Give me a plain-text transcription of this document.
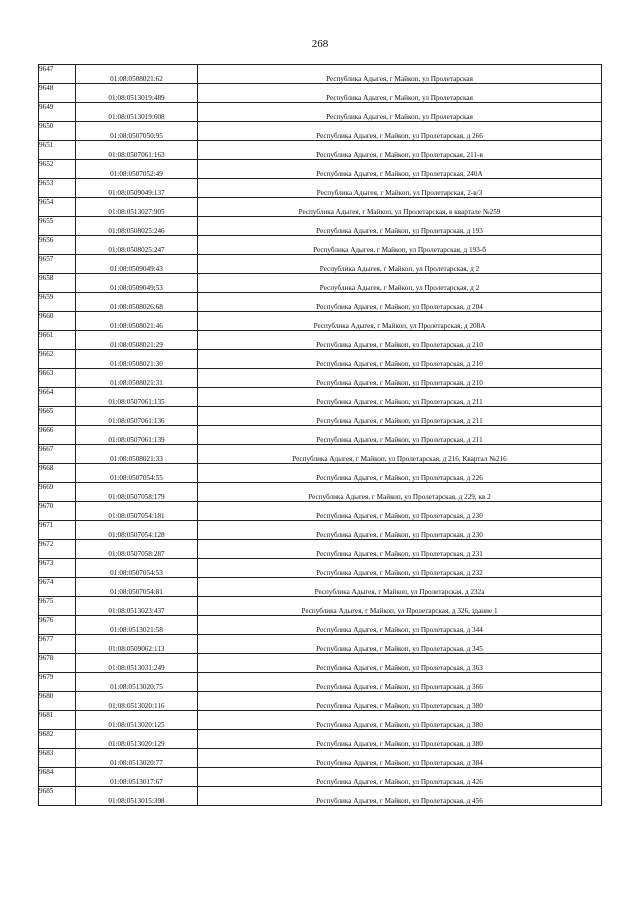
268
9647	01:08:0508021:62	Республика Адыгея, г Майкоп, ул Пролетарская
9648	01:08:0513019:489	Республика Адыгея, г Майкоп, ул Пролетарская
9649	01:08:0513019:608	Республика Адыгея, г Майкоп, ул Пролетарская
9650	01:08:0507050:95	Республика Адыгея, г Майкоп, ул Пролетарская, д 266
9651	01:08:0507061:163	Республика Адыгея, г Майкоп, ул Пролетарская, 211-в
9652	01:08:0507052:49	Республика Адыгея, г Майкоп, ул Пролетарская, 240А
9653	01:08:0509049:137	Республика Адыгея, г Майкоп, ул Пролетарская, 2-в/3
9654	01:08:0513027:905	Республика Адыгея, г Майкоп, ул Пролетарская, в квартале №259
9655	01:08:0508025:246	Республика Адыгея, г Майкоп, ул Пролетарская, д 193
9656	01:08:0508025:247	Республика Адыгея, г Майкоп, ул Пролетарская, д 193-б
9657	01:08:0509049:43	Республика Адыгея, г Майкоп, ул Пролетарская, д 2
9658	01:08:0509049:53	Республика Адыгея, г Майкоп, ул Пролетарская, д 2
9659	01:08:0508026:68	Республика Адыгея, г Майкоп, ул Пролетарская, д 204
9660	01:08:0508021:46	Республика Адыгея, г Майкоп, ул Пролетарская, д 208А
9661	01:08:0508021:29	Республика Адыгея, г Майкоп, ул Пролетарская, д 210
9662	01:08:0508021:30	Республика Адыгея, г Майкоп, ул Пролетарская, д 210
9663	01:08:0508021:31	Республика Адыгея, г Майкоп, ул Пролетарская, д 210
9664	01:08:0507061:135	Республика Адыгея, г Майкоп, ул Пролетарская, д 211
9665	01:08:0507061:136	Республика Адыгея, г Майкоп, ул Пролетарская, д 211
9666	01:08:0507061:139	Республика Адыгея, г Майкоп, ул Пролетарская, д 211
9667	01:08:0508021:33	Республика Адыгея, г Майкоп, ул Пролетарская, д 216, Квартал №216
9668	01:08:0507054:55	Республика Адыгея, г Майкоп, ул Пролетарская, д 226
9669	01:08:0507058:179	Республика Адыгея, г Майкоп, ул Пролетарская, д 229, кв 2
9670	01:08:0507054:181	Республика Адыгея, г Майкоп, ул Пролетарская, д 230
9671	01:08:0507054:128	Республика Адыгея, г Майкоп, ул Пролетарская, д 230
9672	01:08:0507058:287	Республика Адыгея, г Майкоп, ул Пролетарская, д 231
9673	01:08:0507054:53	Республика Адыгея, г Майкоп, ул Пролетарская, д 232
9674	01:08:0507054:81	Республика Адыгея, г Майкоп, ул Пролетарская, д 232а
9675	01:08:0513023:437	Республика Адыгея, г Майкоп, ул Пролетарская, д 326, здание 1
9676	01:08:0513021:58	Республика Адыгея, г Майкоп, ул Пролетарская, д 344
9677	01:08:0509062:113	Республика Адыгея, г Майкоп, ул Пролетарская, д 345
9678	01:08:0513031:249	Республика Адыгея, г Майкоп, ул Пролетарская, д 363
9679	01:08:0513020:75	Республика Адыгея, г Майкоп, ул Пролетарская, д 366
9680	01:08:0513020:116	Республика Адыгея, г Майкоп, ул Пролетарская, д 380
9681	01:08:0513020:125	Республика Адыгея, г Майкоп, ул Пролетарская, д 380
9682	01:08:0513020:129	Республика Адыгея, г Майкоп, ул Пролетарская, д 380
9683	01:08:0513020:77	Республика Адыгея, г Майкоп, ул Пролетарская, д 384
9684	01:08:0513017:67	Республика Адыгея, г Майкоп, ул Пролетарская, д 426
9685	01:08:0513015:398	Республика Адыгея, г Майкоп, ул Пролетарская, д 456
